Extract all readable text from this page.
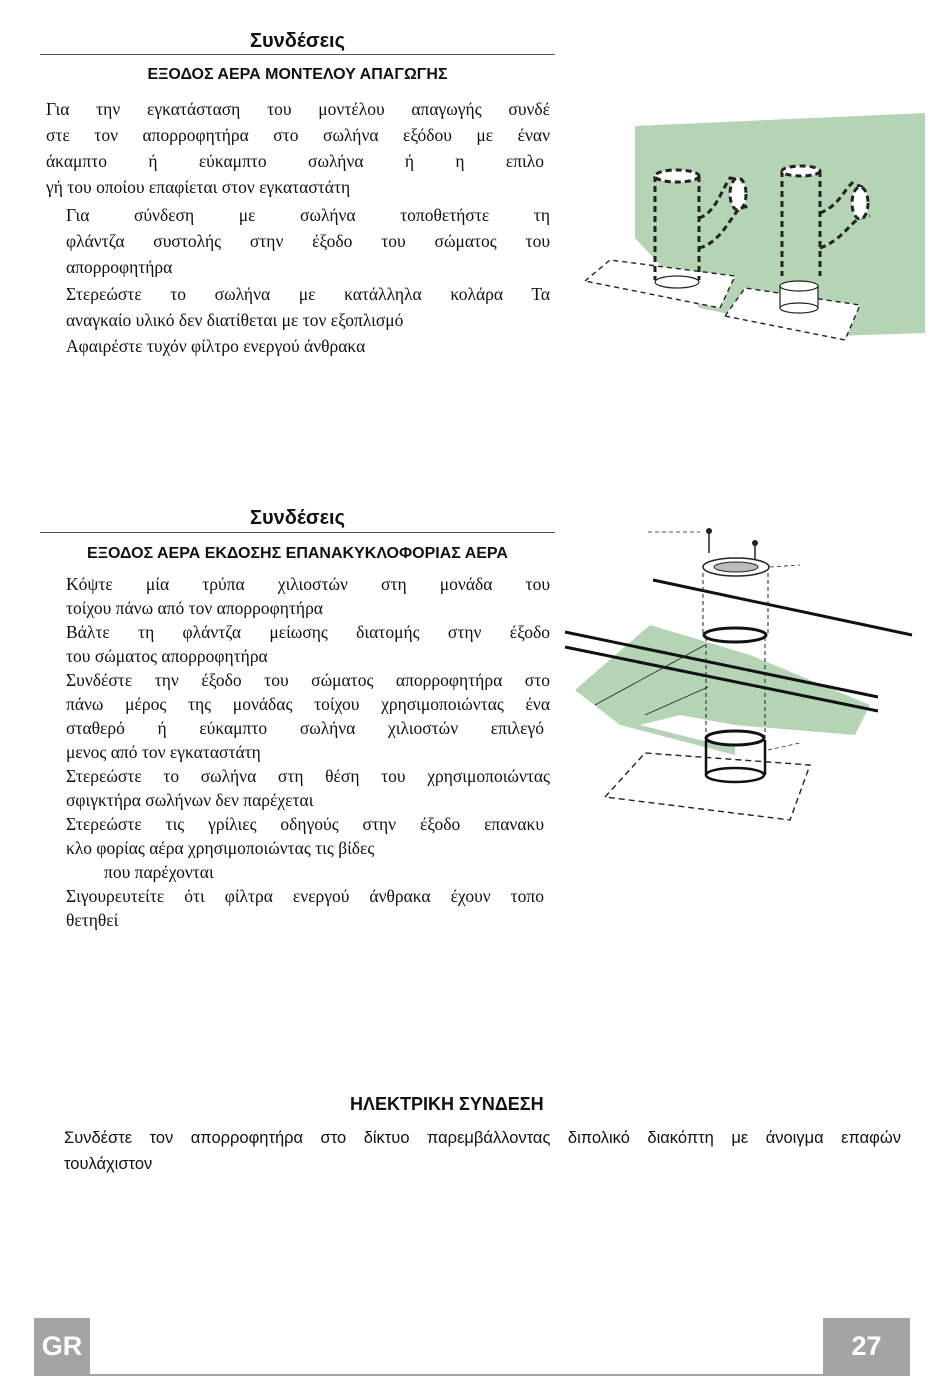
Συνδέσεις
ΕΞΟΔΟΣ ΑΕΡΑ ΜΟΝΤΕΛΟΥ ΑΠΑΓΩΓΗΣ
Για την εγκατάσταση του μοντέλου απαγωγής συνδέ
στε τον απορροφητήρα στο σωλήνα εξόδου με έναν
άκαμπτο ή εύκαμπτο σωλήνα ή η επιλο
γή του οποίου επαφίεται στον εγκαταστάτη
Για σύνδεση με σωλήνα τοποθετήστε τη
φλάντζα συστολής στην έξοδο του σώματος του
απορροφητήρα
Στερεώστε το σωλήνα με κατάλληλα κολάρα Τα
αναγκαίο υλικό δεν διατίθεται με τον εξοπλισμό
Αφαιρέστε τυχόν φίλτρο ενεργού άνθρακα
Συνδέσεις
ΕΞΟΔΟΣ ΑΕΡΑ ΕΚΔΟΣΗΣ ΕΠΑΝΑΚΥΚΛΟΦΟΡΙΑΣ ΑΕΡΑ
Κόψτε μία τρύπα χιλιοστών στη μονάδα του
τοίχου πάνω από τον απορροφητήρα
Βάλτε τη φλάντζα μείωσης διατομής στην έξοδο
του σώματος απορροφητήρα
Συνδέστε την έξοδο του σώματος απορροφητήρα στο
πάνω μέρος της μονάδας τοίχου χρησιμοποιώντας ένα
σταθερό ή εύκαμπτο σωλήνα χιλιοστών επιλεγό
μενος από τον εγκαταστάτη
Στερεώστε το σωλήνα στη θέση του χρησιμοποιώντας
σφιγκτήρα σωλήνων δεν παρέχεται
Στερεώστε τις γρίλιες οδηγούς στην έξοδο επανακυ
κλο φορίας αέρα χρησιμοποιώντας τις βίδες
που παρέχονται
Σιγουρευτείτε ότι φίλτρα ενεργού άνθρακα έχουν τοπο
θετηθεί
ΗΛΕΚΤΡΙΚΗ ΣΥΝΔΕΣΗ
Συνδέστε τον απορροφητήρα στο δίκτυο παρεμβάλλοντας διπολικό διακόπτη με άνοιγμα επαφών
τουλάχιστον
GR	27
